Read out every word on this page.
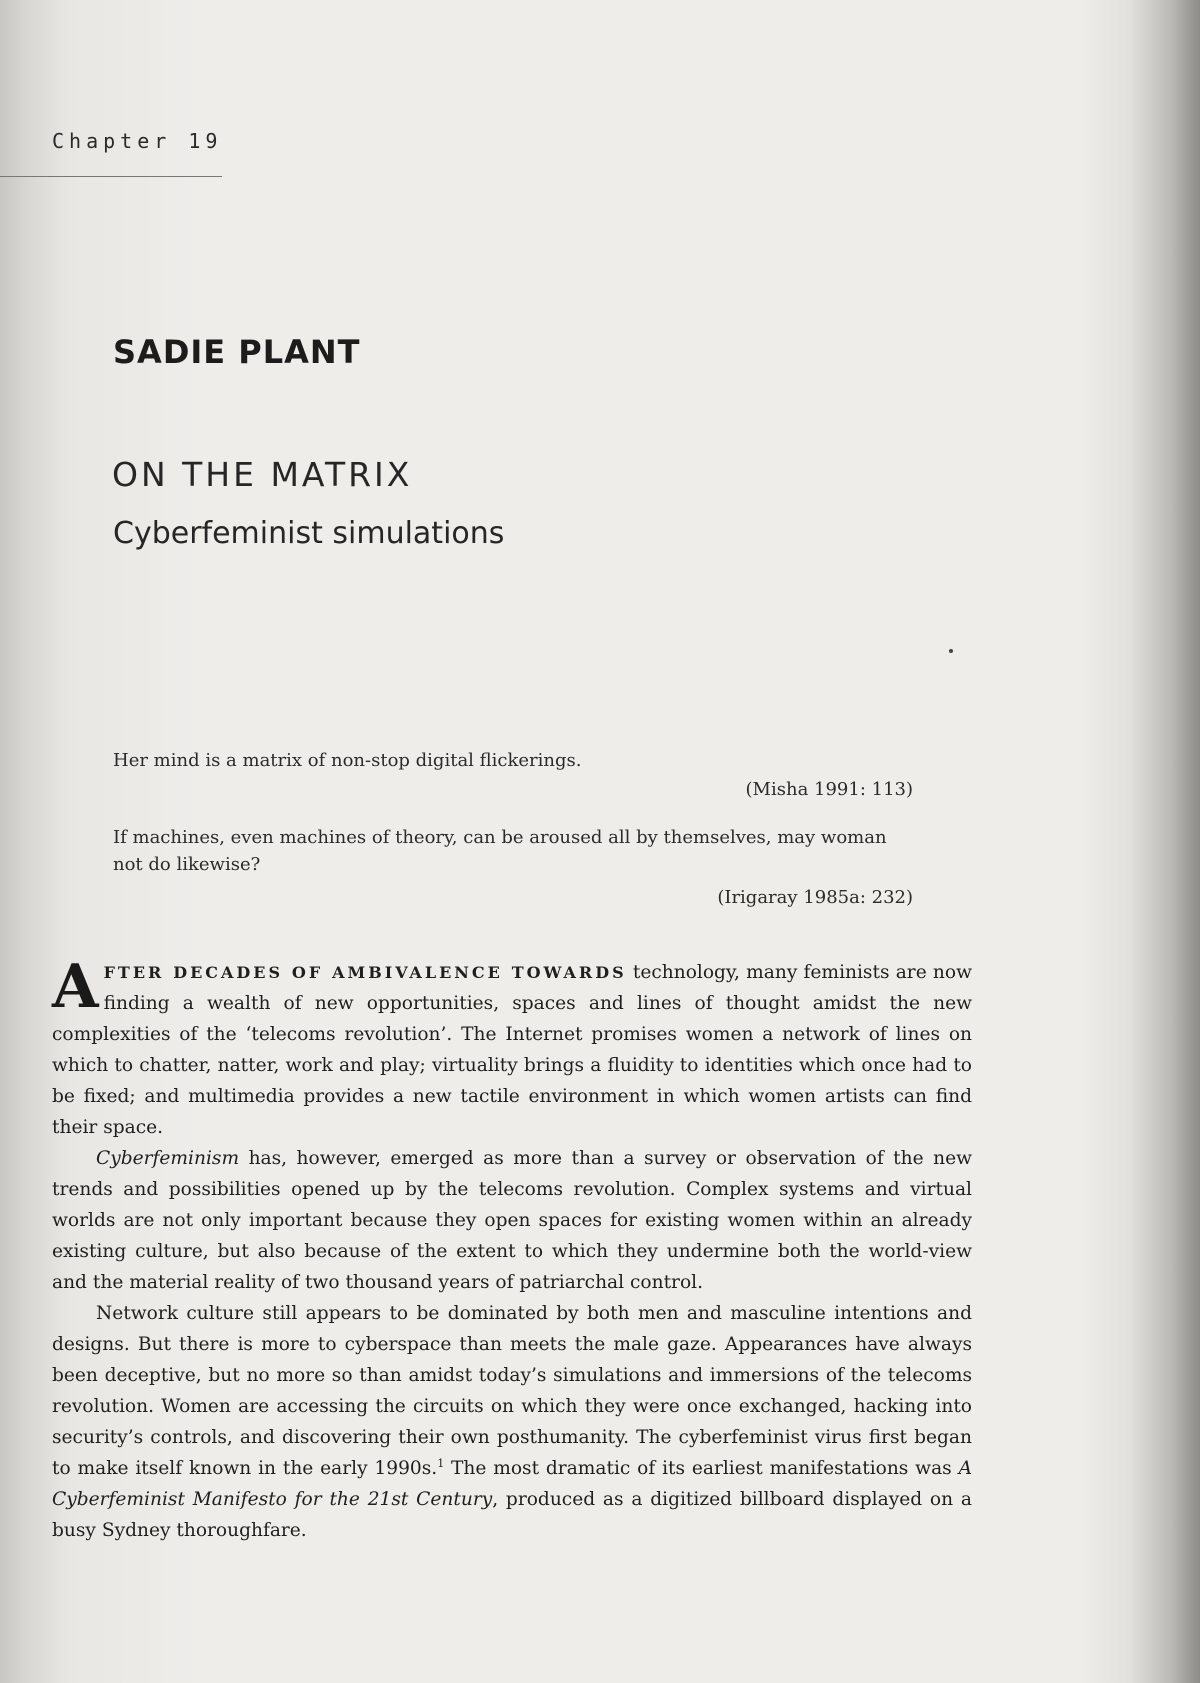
Chapter 19
SADIE PLANT
ON THE MATRIX
Cyberfeminist simulations
Her mind is a matrix of non-stop digital flickerings.
(Misha 1991: 113)
If machines, even machines of theory, can be aroused all by themselves, may woman not do likewise?
(Irigaray 1985a: 232)

AFTER DECADES OF AMBIVALENCE TOWARDS technology, many feminists are now finding a wealth of new opportunities, spaces and lines of thought amidst the new complexities of the ‘telecoms revolution’. The Internet promises women a network of lines on which to chatter, natter, work and play; virtuality brings a fluidity to identities which once had to be fixed; and multimedia provides a new tactile environment in which women artists can find their space.

Cyberfeminism has, however, emerged as more than a survey or observation of the new trends and possibilities opened up by the telecoms revolution. Complex systems and virtual worlds are not only important because they open spaces for existing women within an already existing culture, but also because of the extent to which they undermine both the world-view and the material reality of two thousand years of patriarchal control.

Network culture still appears to be dominated by both men and masculine intentions and designs. But there is more to cyberspace than meets the male gaze. Appearances have always been deceptive, but no more so than amidst today’s simulations and immersions of the telecoms revolution. Women are accessing the circuits on which they were once exchanged, hacking into security’s controls, and discovering their own posthumanity. The cyberfeminist virus first began to make itself known in the early 1990s.$^1$ The most dramatic of its earliest manifestations was A Cyberfeminist Manifesto for the 21st Century, produced as a digitized billboard displayed on a busy Sydney thoroughfare.
